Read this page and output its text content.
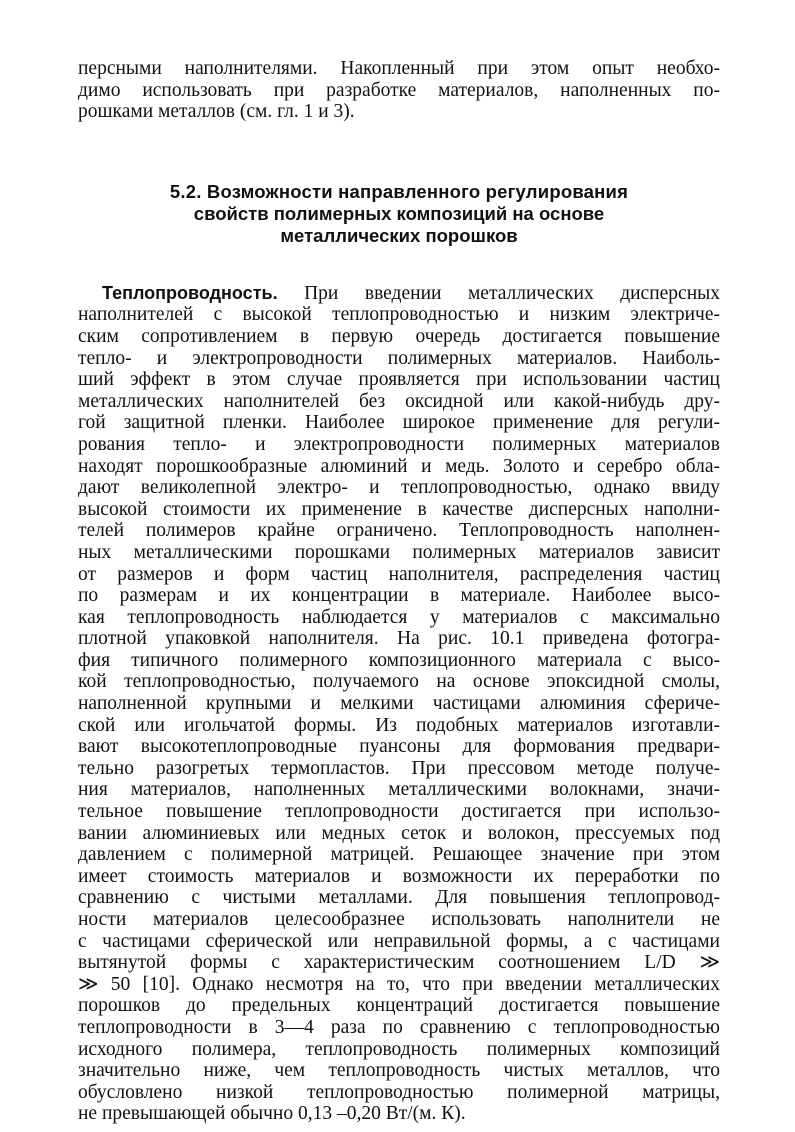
персными наполнителями. Накопленный при этом опыт необхо-
димо использовать при разработке материалов, наполненных по-
рошками металлов (см. гл. 1 и 3).
5.2. Возможности направленного регулирования
свойств полимерных композиций на основе
металлических порошков
Теплопроводность. При введении металлических дисперсных
наполнителей с высокой теплопроводностью и низким электриче-
ским сопротивлением в первую очередь достигается повышение
тепло- и электропроводности полимерных материалов. Наиболь-
ший эффект в этом случае проявляется при использовании частиц
металлических наполнителей без оксидной или какой-нибудь дру-
гой защитной пленки. Наиболее широкое применение для регули-
рования тепло- и электропроводности полимерных материалов
находят порошкообразные алюминий и медь. Золото и серебро обла-
дают великолепной электро- и теплопроводностью, однако ввиду
высокой стоимости их применение в качестве дисперсных наполни-
телей полимеров крайне ограничено. Теплопроводность наполнен-
ных металлическими порошками полимерных материалов зависит
от размеров и форм частиц наполнителя, распределения частиц
по размерам и их концентрации в материале. Наиболее высо-
кая теплопроводность наблюдается у материалов с максимально
плотной упаковкой наполнителя. На рис. 10.1 приведена фотогра-
фия типичного полимерного композиционного материала с высо-
кой теплопроводностью, получаемого на основе эпоксидной смолы,
наполненной крупными и мелкими частицами алюминия сфериче-
ской или игольчатой формы. Из подобных материалов изготавли-
вают высокотеплопроводные пуансоны для формования предвари-
тельно разогретых термопластов. При прессовом методе получе-
ния материалов, наполненных металлическими волокнами, значи-
тельное повышение теплопроводности достигается при использо-
вании алюминиевых или медных сеток и волокон, прессуемых под
давлением с полимерной матрицей. Решающее значение при этом
имеет стоимость материалов и возможности их переработки по
сравнению с чистыми металлами. Для повышения теплопровод-
ности материалов целесообразнее использовать наполнители не
с частицами сферической или неправильной формы, а с частицами
вытянутой формы с характеристическим соотношением L/D ≫
≫ 50 [10]. Однако несмотря на то, что при введении металлических
порошков до предельных концентраций достигается повышение
теплопроводности в 3—4 раза по сравнению с теплопроводностью
исходного полимера, теплопроводность полимерных композиций
значительно ниже, чем теплопроводность чистых металлов, что
обусловлено низкой теплопроводностью полимерной матрицы,
не превышающей обычно 0,13 –0,20 Вт/(м. К).
